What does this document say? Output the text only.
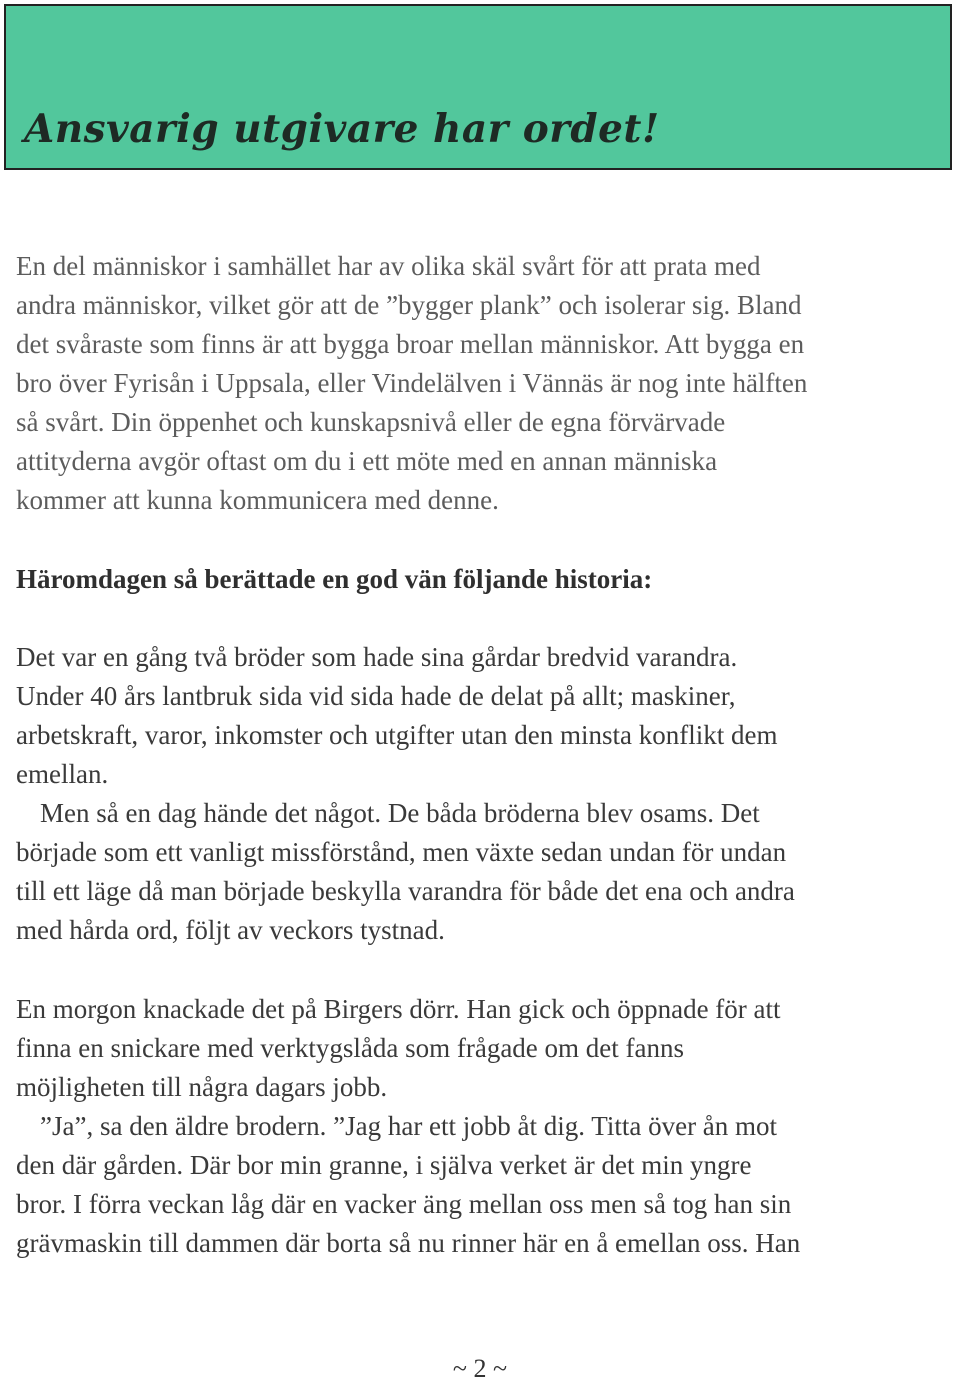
Ansvarig utgivare har ordet!
En del människor i samhället har av olika skäl svårt för att prata med
andra människor, vilket gör att de ”bygger plank” och isolerar sig. Bland
det svåraste som finns är att bygga broar mellan människor. Att bygga en
bro över Fyrisån i Uppsala, eller Vindelälven i Vännäs är nog inte hälften
så svårt. Din öppenhet och kunskapsnivå eller de egna förvärvade
attityderna avgör oftast om du i ett möte med en annan människa
kommer att kunna kommunicera med denne.
Häromdagen så berättade en god vän följande historia:
Det var en gång två bröder som hade sina gårdar bredvid varandra.
Under 40 års lantbruk sida vid sida hade de delat på allt; maskiner,
arbetskraft, varor, inkomster och utgifter utan den minsta konflikt dem
emellan.
Men så en dag hände det något. De båda bröderna blev osams. Det
började som ett vanligt missförstånd, men växte sedan undan för undan
till ett läge då man började beskylla varandra för både det ena och andra
med hårda ord, följt av veckors tystnad.
En morgon knackade det på Birgers dörr. Han gick och öppnade för att
finna en snickare med verktygslåda som frågade om det fanns
möjligheten till några dagars jobb.
”Ja”, sa den äldre brodern. ”Jag har ett jobb åt dig. Titta över ån mot
den där gården. Där bor min granne, i själva verket är det min yngre
bror. I förra veckan låg där en vacker äng mellan oss men så tog han sin
grävmaskin till dammen där borta så nu rinner här en å emellan oss. Han
~ 2 ~
